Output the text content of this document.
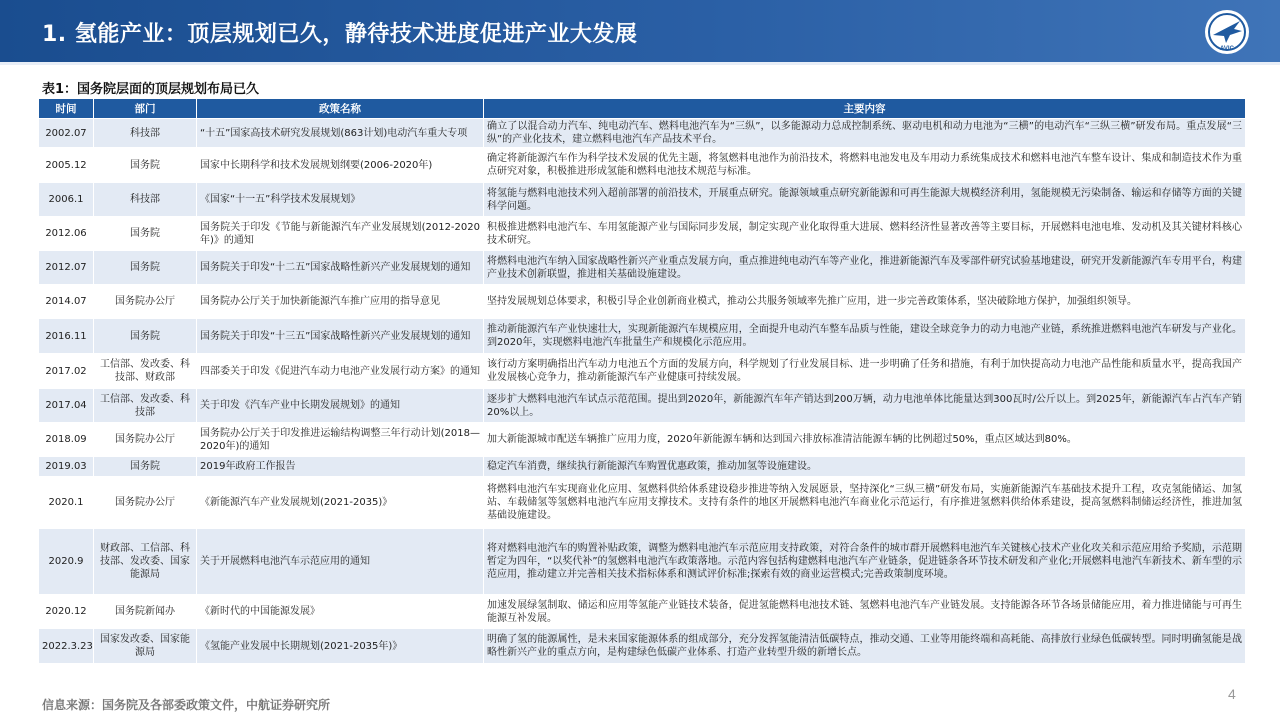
1. 氢能产业：顶层规划已久，静待技术进度促进产业大发展
AVIC
表1：国务院层面的顶层规划布局已久
时间	部门	政策名称	主要内容
2002.07	科技部	“十五”国家高技术研究发展规划(863计划)电动汽车重大专项	确立了以混合动力汽车、纯电动汽车、燃料电池汽车为“三纵”，以多能源动力总成控制系统、驱动电机和动力电池为“三横”的电动汽车“三纵三横”研发布局。重点发展“三纵”的产业化技术，建立燃料电池汽车产品技术平台。
2005.12	国务院	国家中长期科学和技术发展规划纲要(2006-2020年)	确定将新能源汽车作为科学技术发展的优先主题，将氢燃料电池作为前沿技术，将燃料电池发电及车用动力系统集成技术和燃料电池汽车整车设计、集成和制造技术作为重点研究对象，积极推进形成氢能和燃料电池技术规范与标准。
2006.1	科技部	《国家“十一五”科学技术发展规划》	将氢能与燃料电池技术列入超前部署的前沿技术，开展重点研究。能源领域重点研究新能源和可再生能源大规模经济利用，氢能规模无污染制备、输运和存储等方面的关键科学问题。
2012.06	国务院	国务院关于印发《节能与新能源汽车产业发展规划(2012-2020年)》的通知	积极推进燃料电池汽车、车用氢能源产业与国际同步发展，制定实现产业化取得重大进展、燃料经济性显著改善等主要目标，开展燃料电池电堆、发动机及其关键材料核心技术研究。
2012.07	国务院	国务院关于印发“十二五”国家战略性新兴产业发展规划的通知	将燃料电池汽车纳入国家战略性新兴产业重点发展方向，重点推进纯电动汽车等产业化，推进新能源汽车及零部件研究试验基地建设，研究开发新能源汽车专用平台，构建产业技术创新联盟，推进相关基础设施建设。
2014.07	国务院办公厅	国务院办公厅关于加快新能源汽车推广应用的指导意见	坚持发展规划总体要求，积极引导企业创新商业模式，推动公共服务领域率先推广应用，进一步完善政策体系，坚决破除地方保护，加强组织领导。
2016.11	国务院	国务院关于印发“十三五”国家战略性新兴产业发展规划的通知	推动新能源汽车产业快速壮大，实现新能源汽车规模应用，全面提升电动汽车整车品质与性能，建设全球竞争力的动力电池产业链，系统推进燃料电池汽车研发与产业化。到2020年，实现燃料电池汽车批量生产和规模化示范应用。
2017.02	工信部、发改委、科技部、财政部	四部委关于印发《促进汽车动力电池产业发展行动方案》的通知	该行动方案明确指出汽车动力电池五个方面的发展方向，科学规划了行业发展目标、进一步明确了任务和措施，有利于加快提高动力电池产品性能和质量水平，提高我国产业发展核心竞争力，推动新能源汽车产业健康可持续发展。
2017.04	工信部、发改委、科技部	关于印发《汽车产业中长期发展规划》的通知	逐步扩大燃料电池汽车试点示范范围。提出到2020年，新能源汽车年产销达到200万辆，动力电池单体比能量达到300瓦时/公斤以上。到2025年，新能源汽车占汽车产销20%以上。
2018.09	国务院办公厅	国务院办公厅关于印发推进运输结构调整三年行动计划(2018—2020年)的通知	加大新能源城市配送车辆推广应用力度，2020年新能源车辆和达到国六排放标准清洁能源车辆的比例超过50%，重点区域达到80%。
2019.03	国务院	2019年政府工作报告	稳定汽车消费，继续执行新能源汽车购置优惠政策，推动加氢等设施建设。
2020.1	国务院办公厅	《新能源汽车产业发展规划(2021-2035)》	将燃料电池汽车实现商业化应用、氢燃料供给体系建设稳步推进等纳入发展愿景，坚持深化“三纵三横”研发布局，实施新能源汽车基础技术提升工程，攻克氢能储运、加氢站、车载储氢等氢燃料电池汽车应用支撑技术。支持有条件的地区开展燃料电池汽车商业化示范运行，有序推进氢燃料供给体系建设，提高氢燃料制储运经济性，推进加氢基础设施建设。
2020.9	财政部、工信部、科技部、发改委、国家能源局	关于开展燃料电池汽车示范应用的通知	将对燃料电池汽车的购置补贴政策，调整为燃料电池汽车示范应用支持政策，对符合条件的城市群开展燃料电池汽车关键核心技术产业化攻关和示范应用给予奖励，示范期暂定为四年，“以奖代补”的氢燃料电池汽车政策落地。示范内容包括构建燃料电池汽车产业链条，促进链条各环节技术研发和产业化;开展燃料电池汽车新技术、新车型的示范应用，推动建立并完善相关技术指标体系和测试评价标准;探索有效的商业运营模式;完善政策制度环境。
2020.12	国务院新闻办	《新时代的中国能源发展》	加速发展绿氢制取、储运和应用等氢能产业链技术装备，促进氢能燃料电池技术链、氢燃料电池汽车产业链发展。支持能源各环节各场景储能应用，着力推进储能与可再生能源互补发展。
2022.3.23	国家发改委、国家能源局	《氢能产业发展中长期规划(2021-2035年)》	明确了氢的能源属性，是未来国家能源体系的组成部分，充分发挥氢能清洁低碳特点，推动交通、工业等用能终端和高耗能、高排放行业绿色低碳转型。同时明确氢能是战略性新兴产业的重点方向，是构建绿色低碳产业体系、打造产业转型升级的新增长点。
信息来源：国务院及各部委政策文件，中航证券研究所
4
